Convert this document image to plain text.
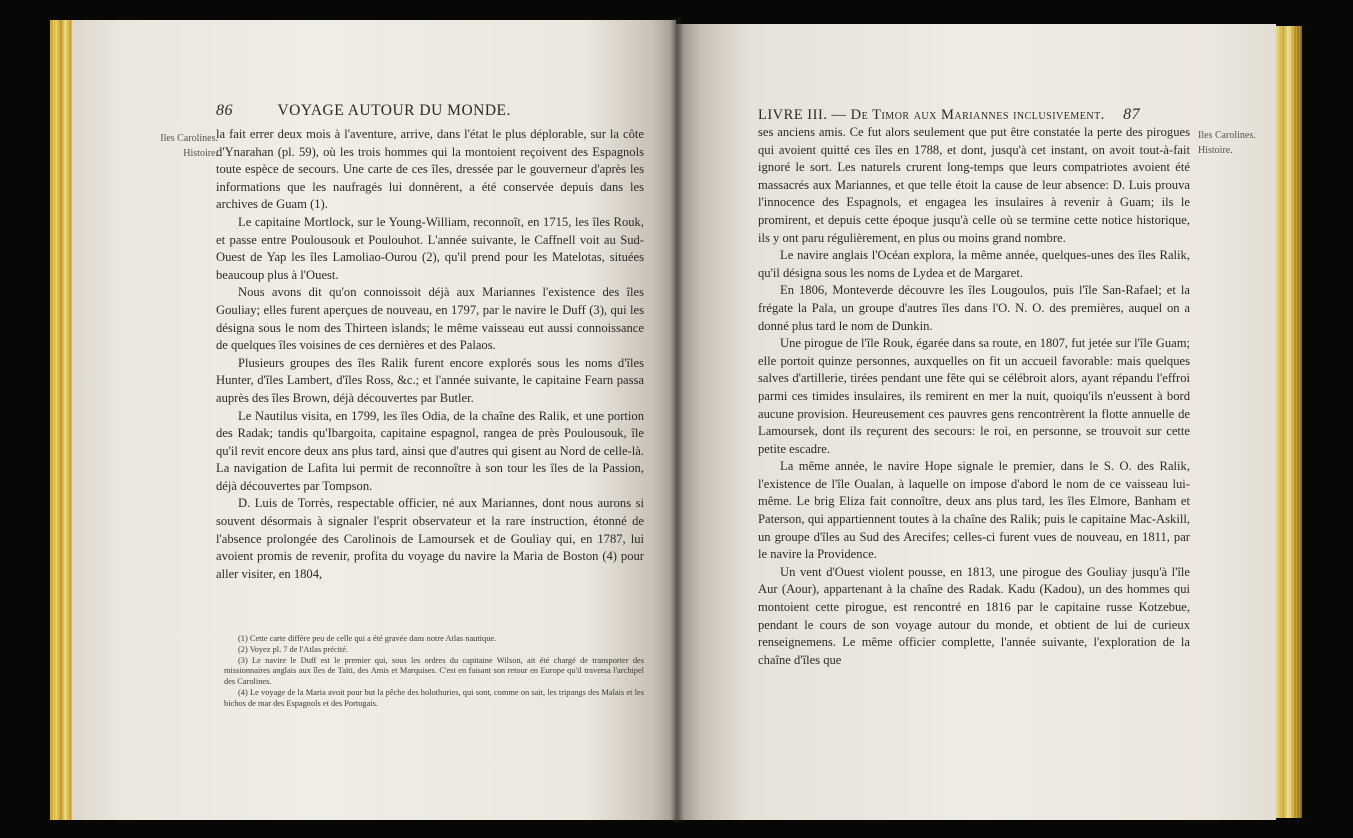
86	VOYAGE AUTOUR DU MONDE.
Iles Carolines.
Histoire.

la fait errer deux mois à l'aventure, arrive, dans l'état le plus déplorable, sur la côte d'Ynarahan (pl. 59), où les trois hommes qui la montoient reçoivent des Espagnols toute espèce de secours. Une carte de ces îles, dressée par le gouverneur d'après les informations que les naufragés lui donnèrent, a été conservée depuis dans les archives de Guam (1).

Le capitaine Mortlock, sur le Young-William, reconnoît, en 1715, les îles Rouk, et passe entre Poulousouk et Poulouhot. L'année suivante, le Caffnell voit au Sud-Ouest de Yap les îles Lamoliao-Ourou (2), qu'il prend pour les Matelotas, situées beaucoup plus à l'Ouest.

Nous avons dit qu'on connoissoit déjà aux Mariannes l'existence des îles Gouliay; elles furent aperçues de nouveau, en 1797, par le navire le Duff (3), qui les désigna sous le nom des Thirteen islands; le même vaisseau eut aussi connoissance de quelques îles voisines de ces dernières et des Palaos.

Plusieurs groupes des îles Ralik furent encore explorés sous les noms d'îles Hunter, d'îles Lambert, d'îles Ross, &c.; et l'année suivante, le capitaine Fearn passa auprès des îles Brown, déjà découvertes par Butler.

Le Nautilus visita, en 1799, les îles Odia, de la chaîne des Ralik, et une portion des Radak; tandis qu'Ibargoita, capitaine espagnol, rangea de près Poulousouk, île qu'il revit encore deux ans plus tard, ainsi que d'autres qui gisent au Nord de celle-là. La navigation de Lafita lui permit de reconnoître à son tour les îles de la Passion, déjà découvertes par Tompson.

D. Luis de Torrès, respectable officier, né aux Mariannes, dont nous aurons si souvent désormais à signaler l'esprit observateur et la rare instruction, étonné de l'absence prolongée des Carolinois de Lamoursek et de Gouliay qui, en 1787, lui avoient promis de revenir, profita du voyage du navire la Maria de Boston (4) pour aller visiter, en 1804,

(1) Cette carte diffère peu de celle qui a été gravée dans notre Atlas nautique.

(2) Voyez pl. 7 de l'Atlas précité.

(3) Le navire le Duff est le premier qui, sous les ordres du capitaine Wilson, ait été chargé de transporter des missionnaires anglais aux îles de Taïti, des Amis et Marquises. C'est en faisant son retour en Europe qu'il traversa l'archipel des Carolines.

(4) Le voyage de la Maria avoit pour but la pêche des holothuries, qui sont, comme on sait, les tripangs des Malais et les bichos de mar des Espagnols et des Portugais.

LIVRE III. — De Timor aux Mariannes inclusivement. 87
Iles Carolines.
Histoire.

ses anciens amis. Ce fut alors seulement que put être constatée la perte des pirogues qui avoient quitté ces îles en 1788, et dont, jusqu'à cet instant, on avoit tout-à-fait ignoré le sort. Les naturels crurent long-temps que leurs compatriotes avoient été massacrés aux Mariannes, et que telle étoit la cause de leur absence: D. Luis prouva l'innocence des Espagnols, et engagea les insulaires à revenir à Guam; ils le promirent, et depuis cette époque jusqu'à celle où se termine cette notice historique, ils y ont paru régulièrement, en plus ou moins grand nombre.

Le navire anglais l'Océan explora, la même année, quelques-unes des îles Ralik, qu'il désigna sous les noms de Lydea et de Margaret.

En 1806, Monteverde découvre les îles Lougoulos, puis l'île San-Rafael; et la frégate la Pala, un groupe d'autres îles dans l'O. N. O. des premières, auquel on a donné plus tard le nom de Dunkin.

Une pirogue de l'île Rouk, égarée dans sa route, en 1807, fut jetée sur l'île Guam; elle portoit quinze personnes, auxquelles on fit un accueil favorable: mais quelques salves d'artillerie, tirées pendant une fête qui se célébroit alors, ayant répandu l'effroi parmi ces timides insulaires, ils remirent en mer la nuit, quoiqu'ils n'eussent à bord aucune provision. Heureusement ces pauvres gens rencontrèrent la flotte annuelle de Lamoursek, dont ils reçurent des secours: le roi, en personne, se trouvoit sur cette petite escadre.

La même année, le navire Hope signale le premier, dans le S. O. des Ralik, l'existence de l'île Oualan, à laquelle on impose d'abord le nom de ce vaisseau lui-même. Le brig Eliza fait connoître, deux ans plus tard, les îles Elmore, Banham et Paterson, qui appartiennent toutes à la chaîne des Ralik; puis le capitaine Mac-Askill, un groupe d'îles au Sud des Arecifes; celles-ci furent vues de nouveau, en 1811, par le navire la Providence.

Un vent d'Ouest violent pousse, en 1813, une pirogue des Gouliay jusqu'à l'île Aur (Aour), appartenant à la chaîne des Radak. Kadu (Kadou), un des hommes qui montoient cette pirogue, est rencontré en 1816 par le capitaine russe Kotzebue, pendant le cours de son voyage autour du monde, et obtient de lui de curieux renseignemens. Le même officier complette, l'année suivante, l'exploration de la chaîne d'îles que
